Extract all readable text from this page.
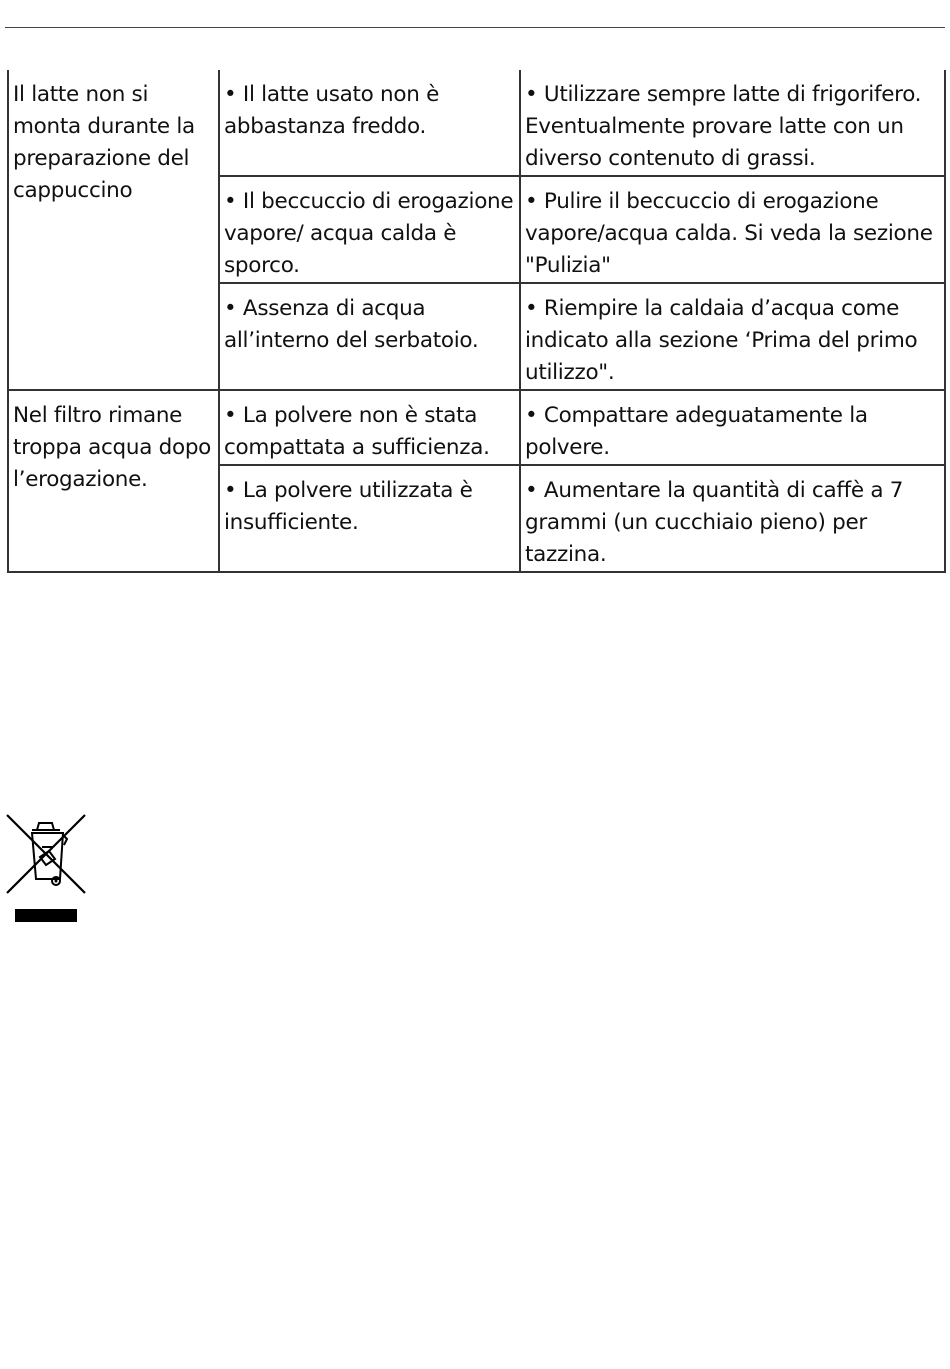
Il latte non si monta durante la preparazione del cappuccino	• Il latte usato non è abbastanza freddo.	• Utilizzare sempre latte di frigorifero. Eventualmente provare latte con un diverso contenuto di grassi.
	• Il beccuccio di erogazione vapore/ acqua calda è sporco.	• Pulire il beccuccio di erogazione vapore/acqua calda. Si veda la sezione "Pulizia"
	• Assenza di acqua all’interno del serbatoio.	• Riempire la caldaia d’acqua come indicato alla sezione ‘Prima del primo utilizzo".
Nel filtro rimane troppa acqua dopo l’erogazione.	• La polvere non è stata compattata a sufficienza.	• Compattare adeguatamente la polvere.
	• La polvere utilizzata è insufficiente.	• Aumentare la quantità di caffè a 7 grammi (un cucchiaio pieno) per tazzina.
